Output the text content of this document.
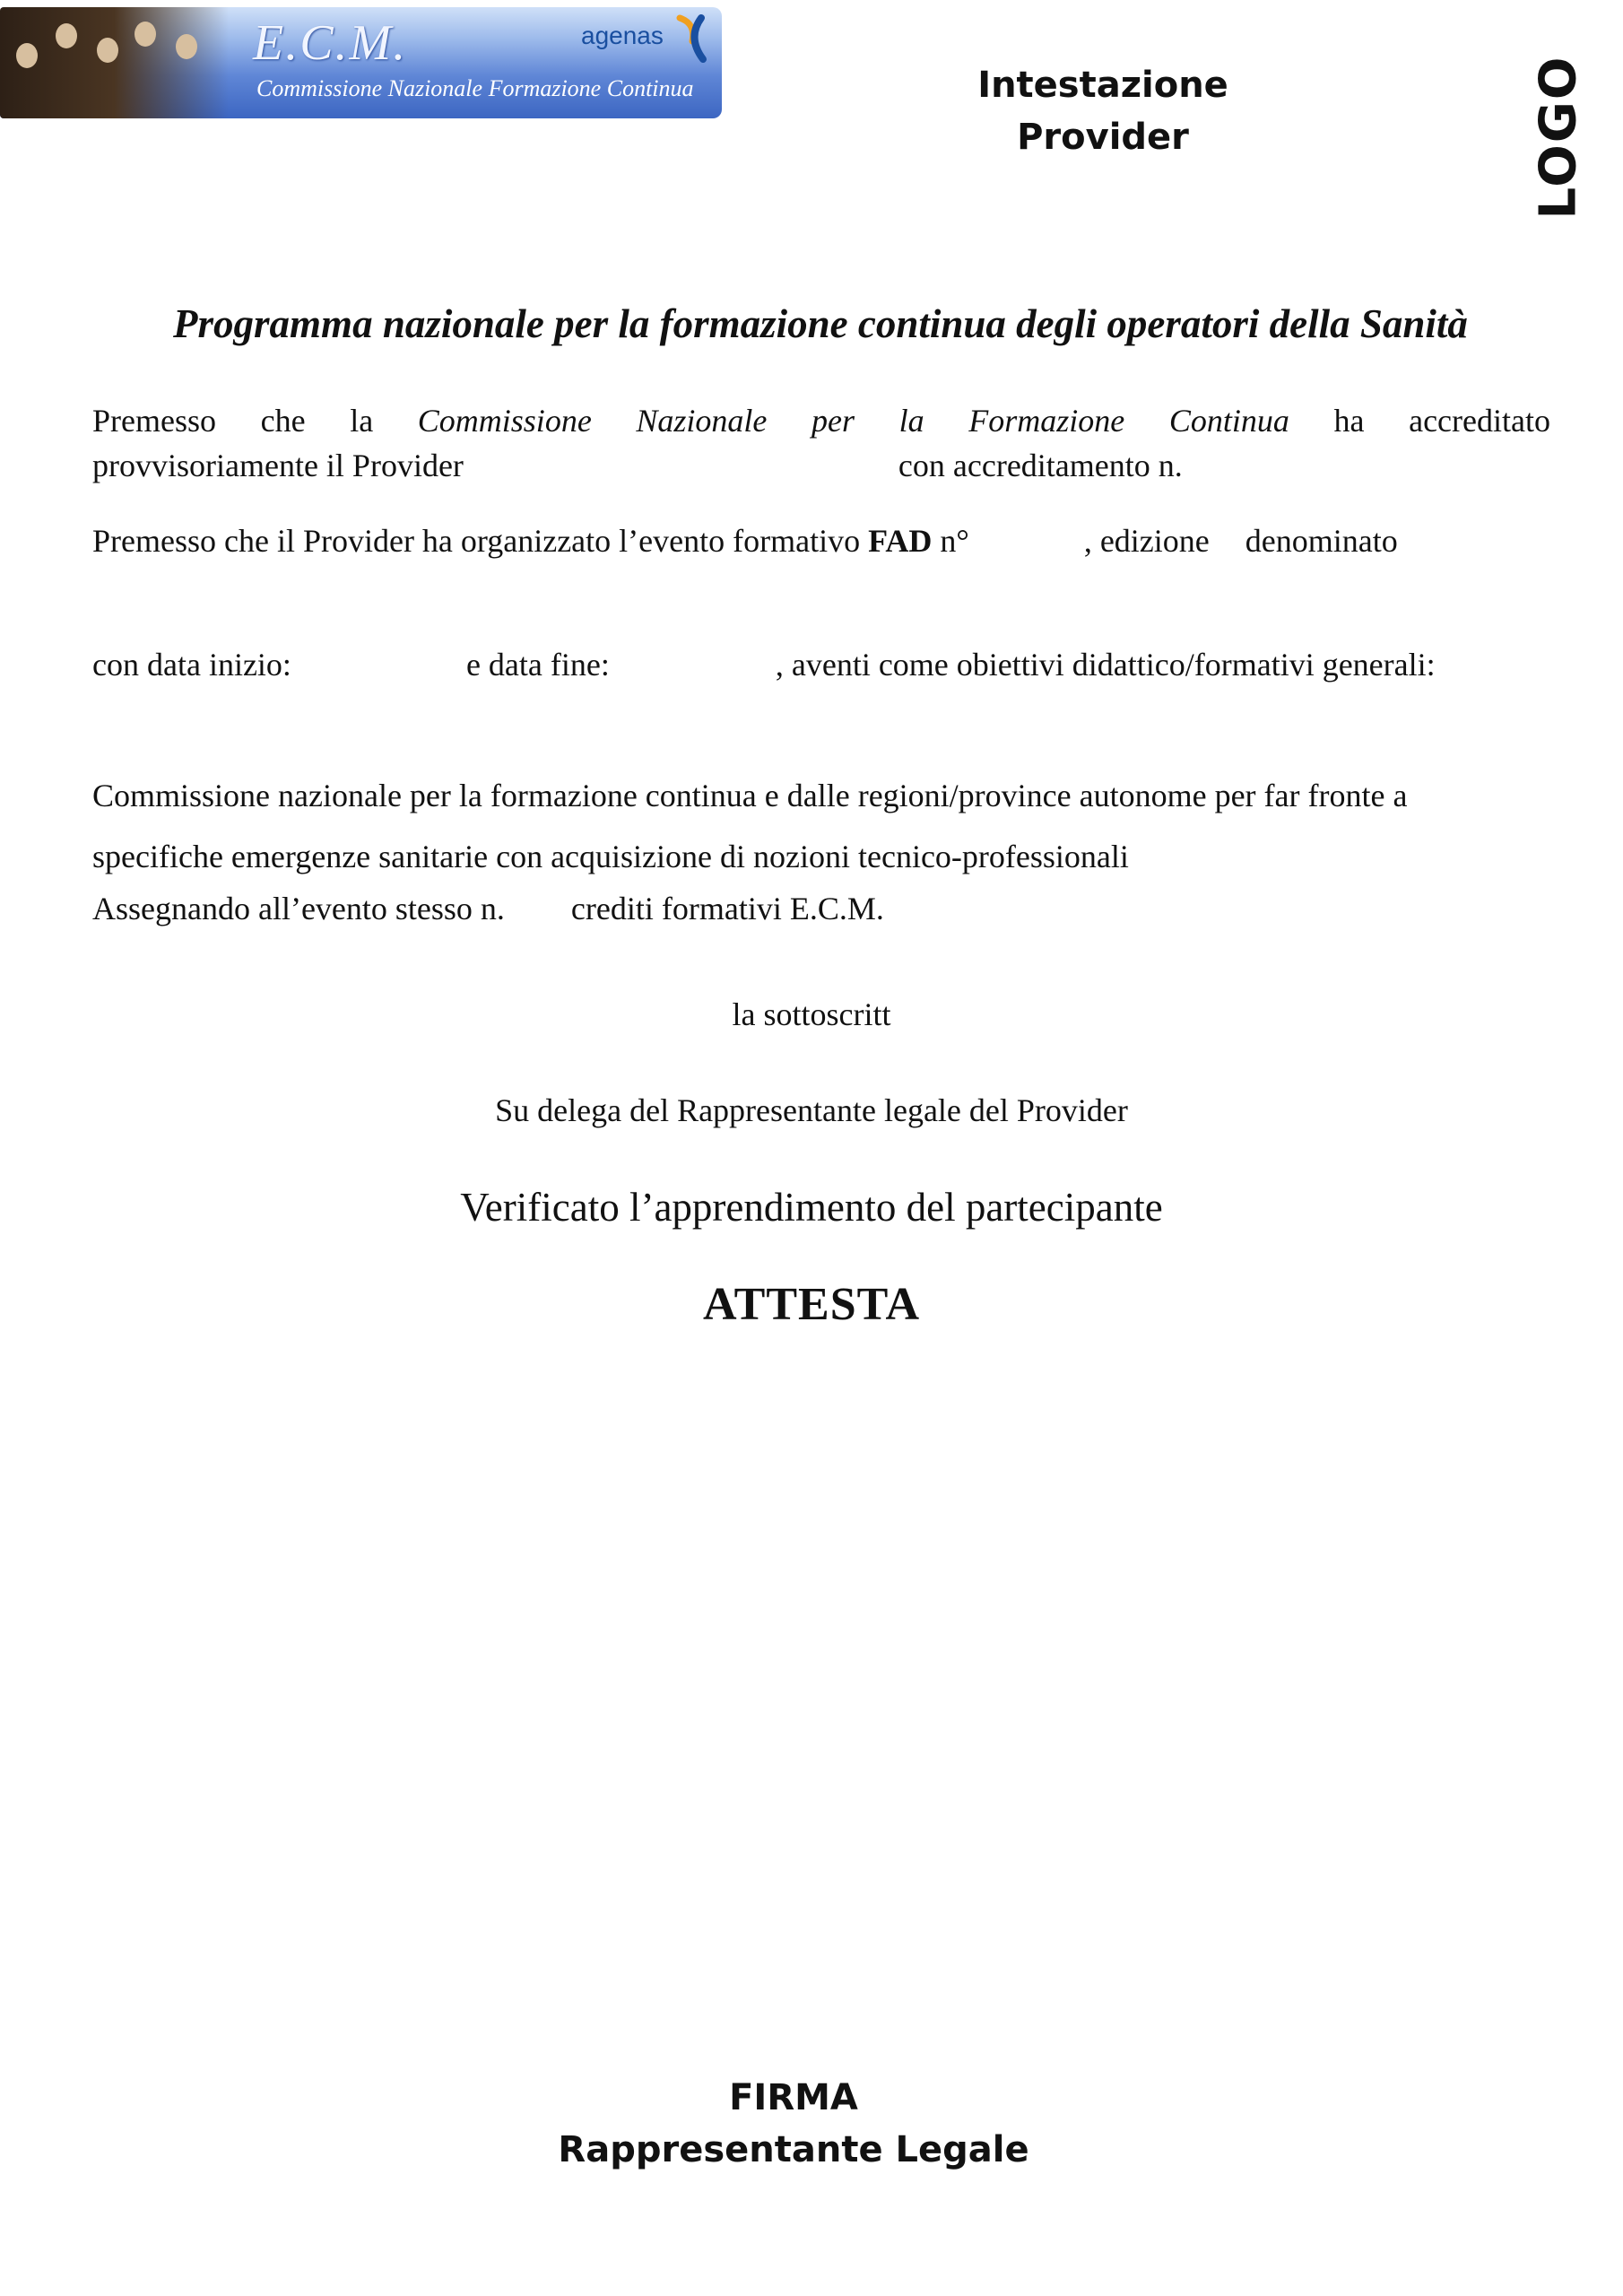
E.C.M.
Commissione Nazionale Formazione Continua
agenas
Intestazione
Provider	LOGO
Programma nazionale per la formazione continua degli operatori della Sanità
Premesso che la Commissione Nazionale per la Formazione Continua ha accreditato
provvisoriamente il Provider	con accreditamento n.
Premesso che il Provider ha organizzato l’evento formativo FAD n°	, edizione denominato
con data inizio:	e data fine:	, aventi come obiettivi didattico/formativi generali:
Commissione nazionale per la formazione continua e dalle regioni/province autonome per far fronte a
specifiche emergenze sanitarie con acquisizione di nozioni tecnico-professionali
Assegnando all’evento stesso n. crediti formativi E.C.M.
la sottoscritt
Su delega del Rappresentante legale del Provider
Verificato l’apprendimento del partecipante
ATTESTA
FIRMA
Rappresentante Legale
